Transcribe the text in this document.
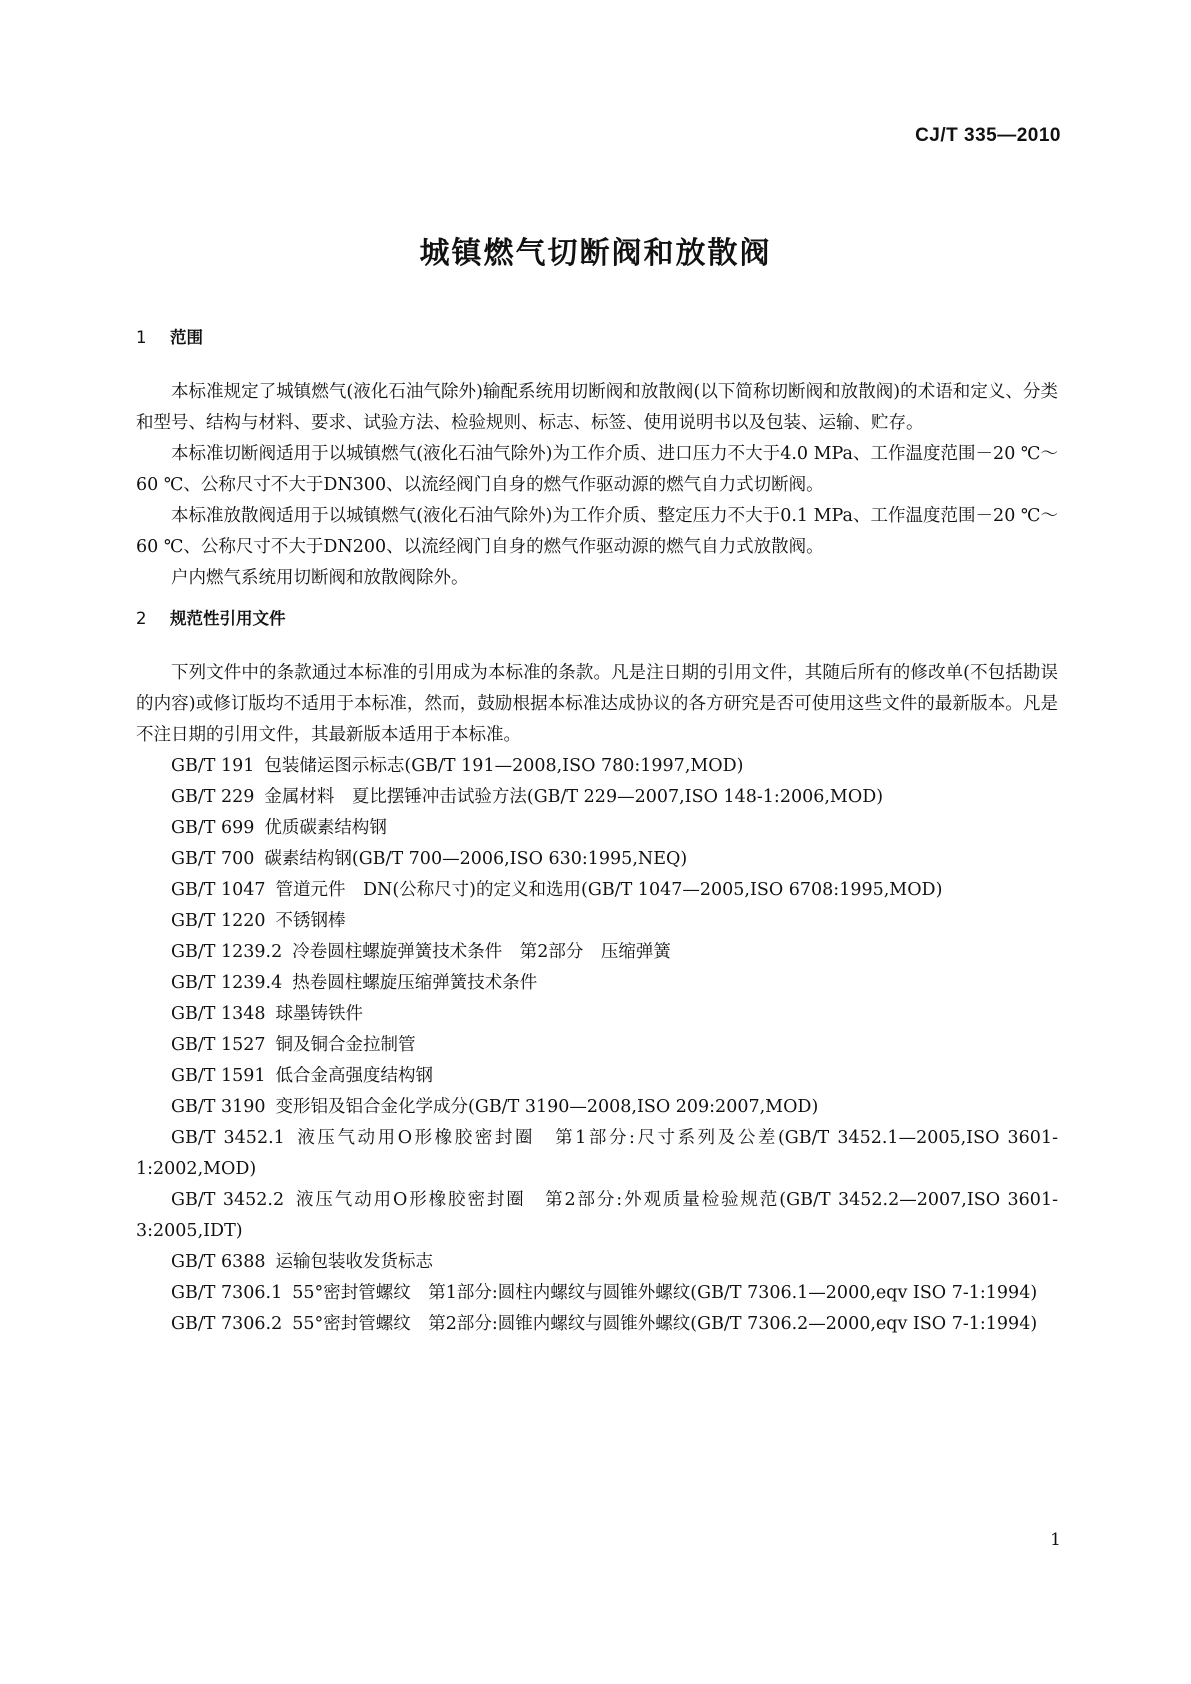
CJ/T 335—2010
城镇燃气切断阀和放散阀
1 范围

本标准规定了城镇燃气(液化石油气除外)输配系统用切断阀和放散阀(以下简称切断阀和放散阀)的术语和定义、分类和型号、结构与材料、要求、试验方法、检验规则、标志、标签、使用说明书以及包装、运输、贮存。

本标准切断阀适用于以城镇燃气(液化石油气除外)为工作介质、进口压力不大于4.0 MPa、工作温度范围－20 ℃～60 ℃、公称尺寸不大于DN300、以流经阀门自身的燃气作驱动源的燃气自力式切断阀。

本标准放散阀适用于以城镇燃气(液化石油气除外)为工作介质、整定压力不大于0.1 MPa、工作温度范围－20 ℃～60 ℃、公称尺寸不大于DN200、以流经阀门自身的燃气作驱动源的燃气自力式放散阀。

户内燃气系统用切断阀和放散阀除外。

2 规范性引用文件

下列文件中的条款通过本标准的引用成为本标准的条款。凡是注日期的引用文件，其随后所有的修改单(不包括勘误的内容)或修订版均不适用于本标准，然而，鼓励根据本标准达成协议的各方研究是否可使用这些文件的最新版本。凡是不注日期的引用文件，其最新版本适用于本标准。

GB/T 191 包装储运图示标志(GB/T 191—2008,ISO 780:1997,MOD)

GB/T 229 金属材料　夏比摆锤冲击试验方法(GB/T 229—2007,ISO 148-1:2006,MOD)

GB/T 699 优质碳素结构钢

GB/T 700 碳素结构钢(GB/T 700—2006,ISO 630:1995,NEQ)

GB/T 1047 管道元件　DN(公称尺寸)的定义和选用(GB/T 1047—2005,ISO 6708:1995,MOD)

GB/T 1220 不锈钢棒

GB/T 1239.2 冷卷圆柱螺旋弹簧技术条件　第2部分　压缩弹簧

GB/T 1239.4 热卷圆柱螺旋压缩弹簧技术条件

GB/T 1348 球墨铸铁件

GB/T 1527 铜及铜合金拉制管

GB/T 1591 低合金高强度结构钢

GB/T 3190 变形铝及铝合金化学成分(GB/T 3190—2008,ISO 209:2007,MOD)

GB/T 3452.1 液压气动用O形橡胶密封圈　第1部分:尺寸系列及公差(GB/T 3452.1—2005,ISO 3601-1:2002,MOD)

GB/T 3452.2 液压气动用O形橡胶密封圈　第2部分:外观质量检验规范(GB/T 3452.2—2007,ISO 3601-3:2005,IDT)

GB/T 6388 运输包装收发货标志

GB/T 7306.1 55°密封管螺纹　第1部分:圆柱内螺纹与圆锥外螺纹(GB/T 7306.1—2000,eqv ISO 7-1:1994)

GB/T 7306.2 55°密封管螺纹　第2部分:圆锥内螺纹与圆锥外螺纹(GB/T 7306.2—2000,eqv ISO 7-1:1994)

1
